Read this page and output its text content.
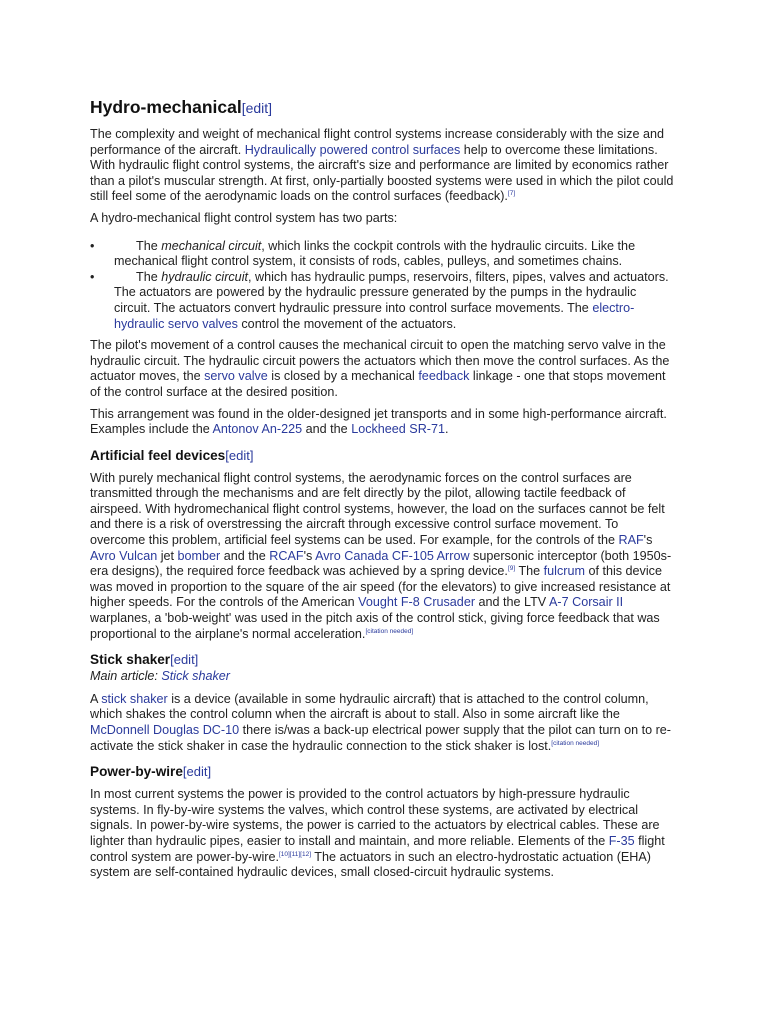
Hydro-mechanical[edit]

The complexity and weight of mechanical flight control systems increase considerably with the size and performance of the aircraft. Hydraulically powered control surfaces help to overcome these limitations. With hydraulic flight control systems, the aircraft's size and performance are limited by economics rather than a pilot's muscular strength. At first, only-partially boosted systems were used in which the pilot could still feel some of the aerodynamic loads on the control surfaces (feedback).[7]

A hydro-mechanical flight control system has two parts:

•	The mechanical circuit, which links the cockpit controls with the hydraulic circuits. Like the mechanical flight control system, it consists of rods, cables, pulleys, and sometimes chains.
•	The hydraulic circuit, which has hydraulic pumps, reservoirs, filters, pipes, valves and actuators. The actuators are powered by the hydraulic pressure generated by the pumps in the hydraulic circuit. The actuators convert hydraulic pressure into control surface movements. The electro-hydraulic servo valves control the movement of the actuators.

The pilot's movement of a control causes the mechanical circuit to open the matching servo valve in the hydraulic circuit. The hydraulic circuit powers the actuators which then move the control surfaces. As the actuator moves, the servo valve is closed by a mechanical feedback linkage - one that stops movement of the control surface at the desired position.

This arrangement was found in the older-designed jet transports and in some high-performance aircraft. Examples include the Antonov An-225 and the Lockheed SR-71.

Artificial feel devices[edit]

With purely mechanical flight control systems, the aerodynamic forces on the control surfaces are transmitted through the mechanisms and are felt directly by the pilot, allowing tactile feedback of airspeed. With hydromechanical flight control systems, however, the load on the surfaces cannot be felt and there is a risk of overstressing the aircraft through excessive control surface movement. To overcome this problem, artificial feel systems can be used. For example, for the controls of the RAF's Avro Vulcan jet bomber and the RCAF's Avro Canada CF-105 Arrow supersonic interceptor (both 1950s-era designs), the required force feedback was achieved by a spring device.[9] The fulcrum of this device was moved in proportion to the square of the air speed (for the elevators) to give increased resistance at higher speeds. For the controls of the American Vought F-8 Crusader and the LTV A-7 Corsair II warplanes, a 'bob-weight' was used in the pitch axis of the control stick, giving force feedback that was proportional to the airplane's normal acceleration.[citation needed]

Stick shaker[edit]
Main article: Stick shaker

A stick shaker is a device (available in some hydraulic aircraft) that is attached to the control column, which shakes the control column when the aircraft is about to stall. Also in some aircraft like the McDonnell Douglas DC-10 there is/was a back-up electrical power supply that the pilot can turn on to re-activate the stick shaker in case the hydraulic connection to the stick shaker is lost.[citation needed]

Power-by-wire[edit]

In most current systems the power is provided to the control actuators by high-pressure hydraulic systems. In fly-by-wire systems the valves, which control these systems, are activated by electrical signals. In power-by-wire systems, the power is carried to the actuators by electrical cables. These are lighter than hydraulic pipes, easier to install and maintain, and more reliable. Elements of the F-35 flight control system are power-by-wire.[10][11][12] The actuators in such an electro-hydrostatic actuation (EHA) system are self-contained hydraulic devices, small closed-circuit hydraulic systems.
